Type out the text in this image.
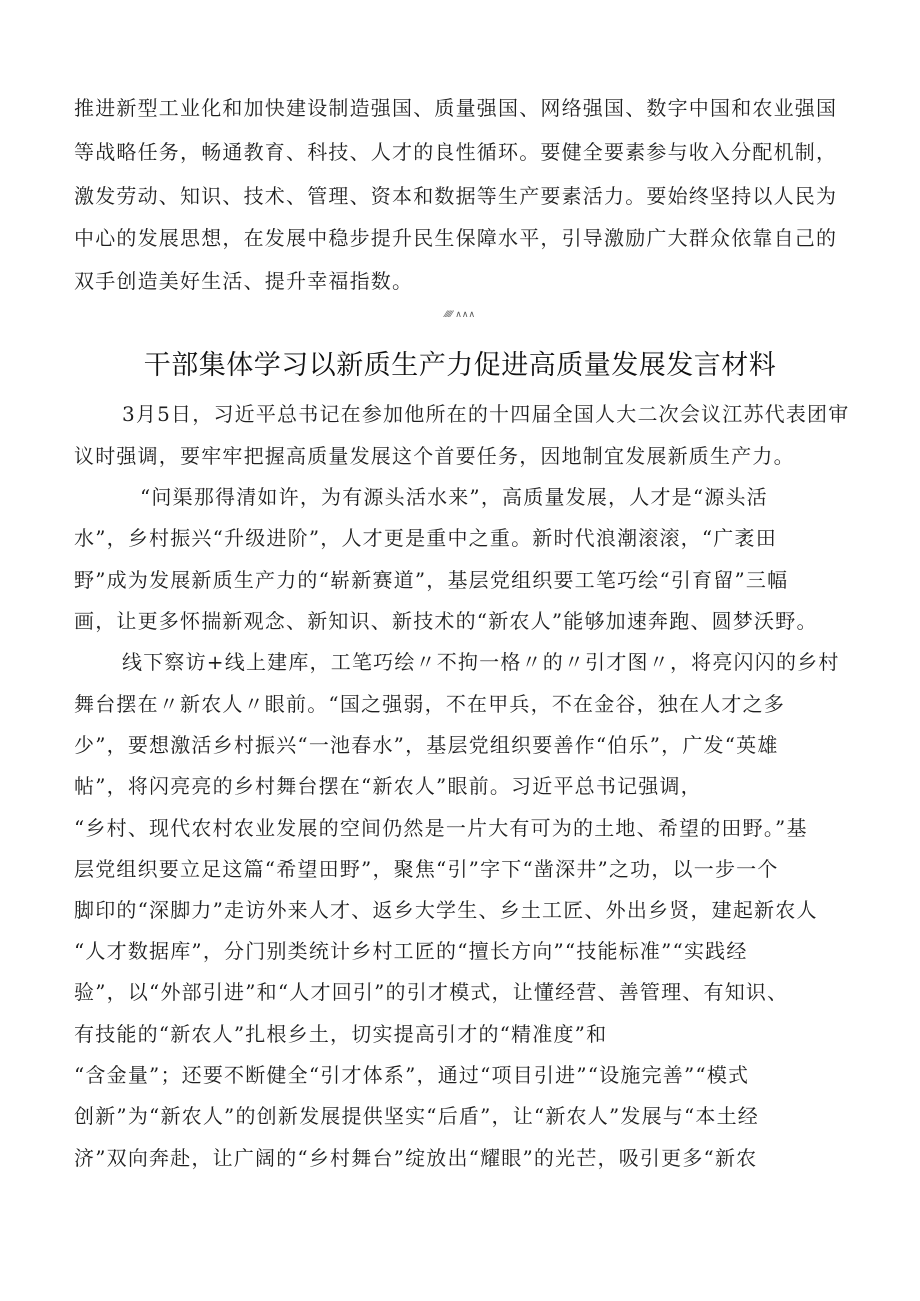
推进新型工业化和加快建设制造强国、质量强国、网络强国、数字中国和农业强国
等战略任务，畅通教育、科技、人才的良性循环。要健全要素参与收入分配机制，
激发劳动、知识、技术、管理、资本和数据等生产要素活力。要始终坚持以人民为
中心的发展思想，在发展中稳步提升民生保障水平，引导激励广大群众依靠自己的
双手创造美好生活、提升幸福指数。
⁄⁄⁄⁄⁄ ∧∧∧
干部集体学习以新质生产力促进高质量发展发言材料
3月5日，习近平总书记在参加他所在的十四届全国人大二次会议江苏代表团审
议时强调，要牢牢把握高质量发展这个首要任务，因地制宜发展新质生产力。
“问渠那得清如许，为有源头活水来”，高质量发展，人才是“源头活
水”，乡村振兴“升级进阶”，人才更是重中之重。新时代浪潮滚滚，“广袤田
野”成为发展新质生产力的“崭新赛道”，基层党组织要工笔巧绘“引育留”三幅
画，让更多怀揣新观念、新知识、新技术的“新农人”能够加速奔跑、圆梦沃野。
线下察访+线上建库，工笔巧绘〃不拘一格〃的〃引才图〃，将亮闪闪的乡村
舞台摆在〃新农人〃眼前。“国之强弱，不在甲兵，不在金谷，独在人才之多
少”，要想激活乡村振兴“一池春水”，基层党组织要善作“伯乐”，广发“英雄
帖”，将闪亮亮的乡村舞台摆在“新农人”眼前。习近平总书记强调，
“乡村、现代农村农业发展的空间仍然是一片大有可为的土地、希望的田野。”基
层党组织要立足这篇“希望田野”，聚焦“引”字下“凿深井”之功，以一步一个
脚印的“深脚力”走访外来人才、返乡大学生、乡土工匠、外出乡贤，建起新农人
“人才数据库”，分门别类统计乡村工匠的“擅长方向”“技能标准”“实践经
验”，以“外部引进”和“人才回引”的引才模式，让懂经营、善管理、有知识、
有技能的“新农人”扎根乡土，切实提高引才的“精准度”和
“含金量”；还要不断健全“引才体系”，通过“项目引进”“设施完善”“模式
创新”为“新农人”的创新发展提供坚实“后盾”，让“新农人”发展与“本土经
济”双向奔赴，让广阔的“乡村舞台”绽放出“耀眼”的光芒，吸引更多“新农
